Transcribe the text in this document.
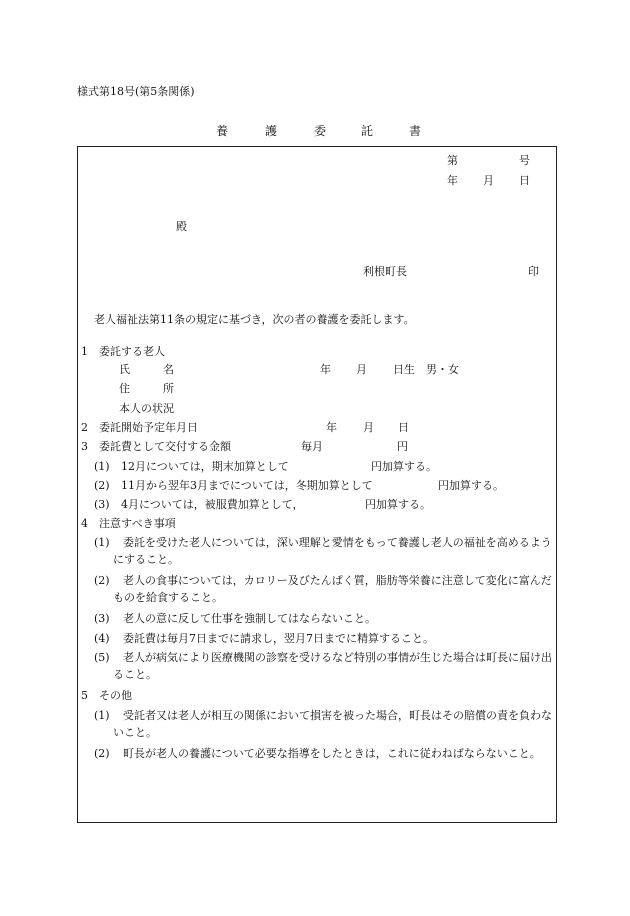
様式第18号(第5条関係)
養	護	委	託	書
第	号
年 月 日
殿
利根町長	印
老人福祉法第11条の規定に基づき，次の者の養護を委託します。
1　委託する老人
氏　　　名	年 月 日生 男・女
住　　　所
本人の状況
2　委託開始予定年月日	年 月 日
3　委託費として交付する金額	毎月	円
(1) 12月については，期末加算として	円加算する。
(2) 11月から翌年3月までについては，冬期加算として	円加算する。
(3) 4月については，被服費加算として，	円加算する。
4　注意すべき事項
(1)	委託を受けた老人については，深い理解と愛情をもって養護し老人の福祉を高めるようにすること。
(2)	老人の食事については，カロリー及びたんぱく質，脂肪等栄養に注意して変化に富んだものを給食すること。
(3) 老人の意に反して仕事を強制してはならないこと。
(4) 委託費は毎月7日までに請求し，翌月7日までに精算すること。
(5)	老人が病気により医療機関の診察を受けるなど特別の事情が生じた場合は町長に届け出ること。
5　その他
(1)	受託者又は老人が相互の関係において損害を被った場合，町長はその賠償の責を負わないこと。
(2)	町長が老人の養護について必要な指導をしたときは，これに従わねばならないこと。
